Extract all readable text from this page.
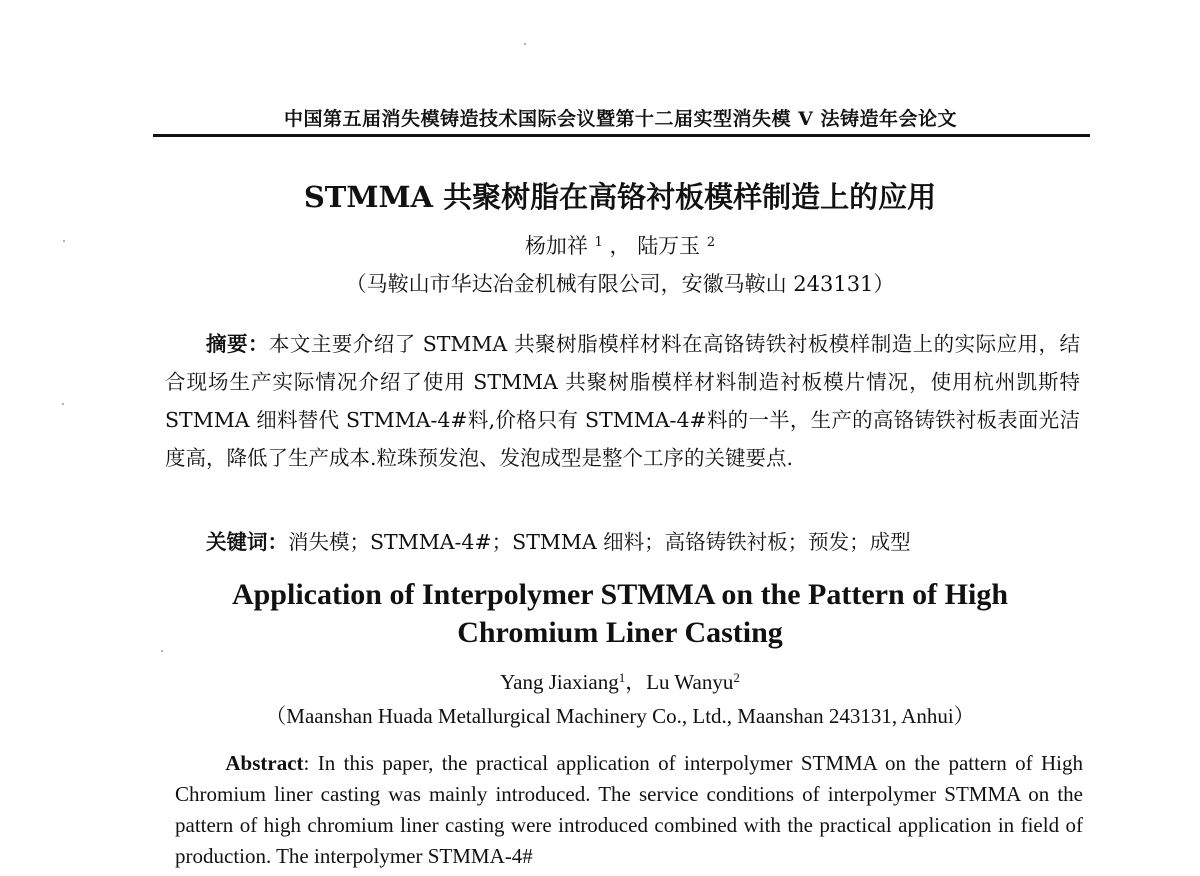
中国第五届消失模铸造技术国际会议暨第十二届实型消失模 V 法铸造年会论文
STMMA 共聚树脂在高铬衬板模样制造上的应用
杨加祥 $^1$ ， 陆万玉 $^2$
（马鞍山市华达冶金机械有限公司，安徽马鞍山 243131）
摘要：本文主要介绍了 STMMA 共聚树脂模样材料在高铬铸铁衬板模样制造上的实际应用，结合现场生产实际情况介绍了使用 STMMA 共聚树脂模样材料制造衬板模片情况，使用杭州凯斯特 STMMA 细料替代 STMMA-4#料,价格只有 STMMA-4#料的一半，生产的高铬铸铁衬板表面光洁度高，降低了生产成本.粒珠预发泡、发泡成型是整个工序的关键要点.
关键词：消失模；STMMA-4#；STMMA 细料；高铬铸铁衬板；预发；成型
Application of Interpolymer STMMA on the Pattern of High
Chromium Liner Casting
Yang Jiaxiang$^1$，Lu Wanyu$^2$
（Maanshan Huada Metallurgical Machinery Co., Ltd., Maanshan 243131, Anhui）
Abstract: In this paper, the practical application of interpolymer STMMA on the pattern of High Chromium liner casting was mainly introduced. The service conditions of interpolymer STMMA on the pattern of high chromium liner casting were introduced combined with the practical application in field of production. The interpolymer STMMA-4#
